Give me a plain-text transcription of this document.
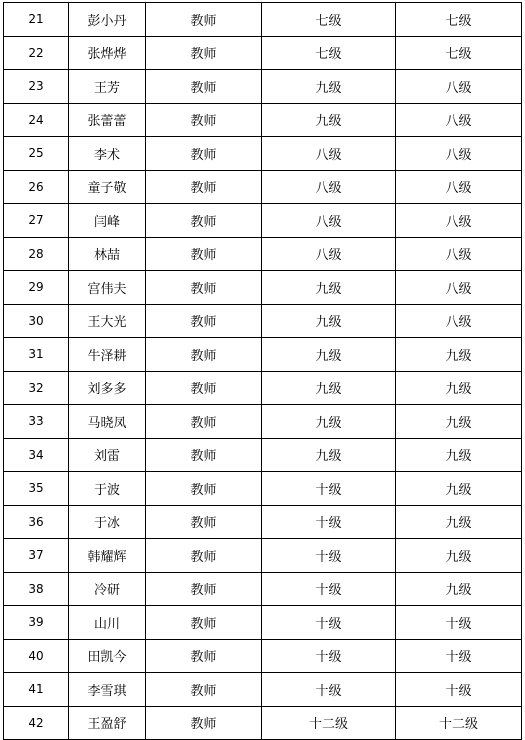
21	彭小丹	教师	七级	七级
22	张烨烨	教师	七级	七级
23	王芳	教师	九级	八级
24	张蕾蕾	教师	九级	八级
25	李术	教师	八级	八级
26	童子敬	教师	八级	八级
27	闫峰	教师	八级	八级
28	林喆	教师	八级	八级
29	宫伟夫	教师	九级	八级
30	王大光	教师	九级	八级
31	牛泽耕	教师	九级	九级
32	刘多多	教师	九级	九级
33	马晓凤	教师	九级	九级
34	刘雷	教师	九级	九级
35	于波	教师	十级	九级
36	于冰	教师	十级	九级
37	韩耀辉	教师	十级	九级
38	冷研	教师	十级	九级
39	山川	教师	十级	十级
40	田凯今	教师	十级	十级
41	李雪琪	教师	十级	十级
42	王盈舒	教师	十二级	十二级
